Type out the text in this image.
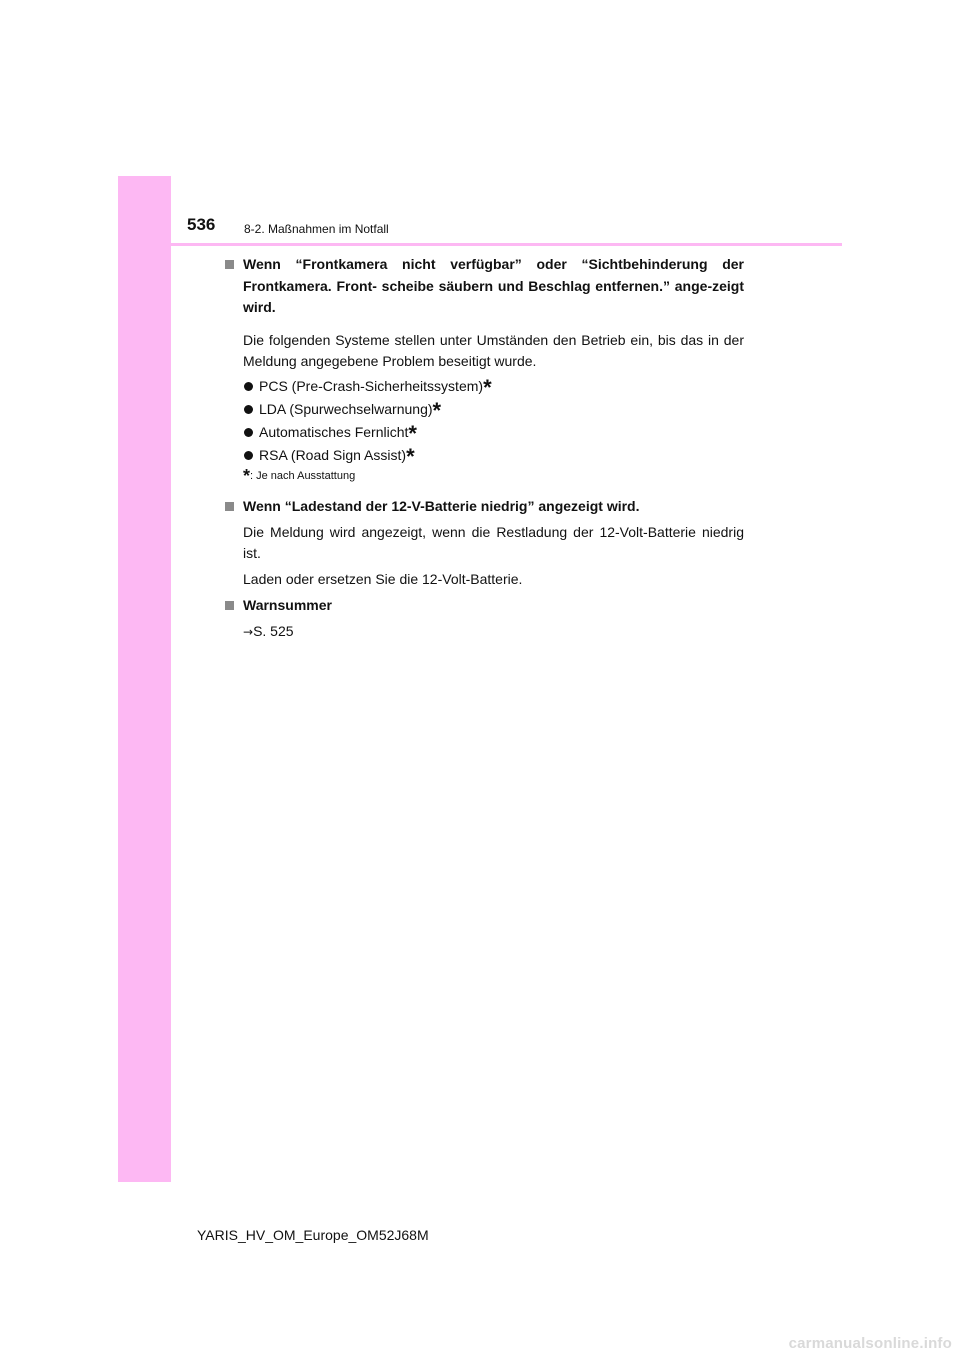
536 8-2. Maßnahmen im Notfall
Wenn “Frontkamera nicht verfügbar” oder “Sichtbehinderung der Frontkamera. Front- scheibe säubern und Beschlag entfernen.” ange-zeigt wird.

Die folgenden Systeme stellen unter Umständen den Betrieb ein, bis das in der Meldung angegebene Problem beseitigt wurde.

PCS (Pre-Crash-Sicherheitssystem)*
LDA (Spurwechselwarnung)*
Automatisches Fernlicht*
RSA (Road Sign Assist)*
*: Je nach Ausstattung
Wenn “Ladestand der 12-V-Batterie niedrig” angezeigt wird.

Die Meldung wird angezeigt, wenn die Restladung der 12-Volt-Batterie niedrig ist.

Laden oder ersetzen Sie die 12-Volt-Batterie.

Warnsummer

→S. 525

YARIS_HV_OM_Europe_OM52J68M
carmanualsonline.info
